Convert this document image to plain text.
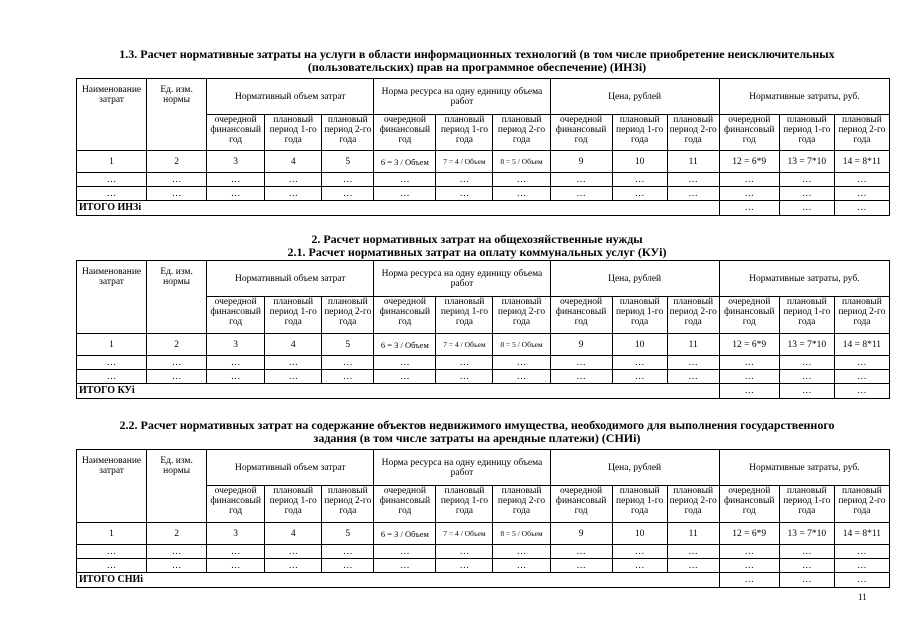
1.3. Расчет нормативные затраты на услуги в области информационных технологий (в том числе приобретение неисключительных
(пользовательских) прав на программное обеспечение) (ИНЗi)
Наименование затрат	Ед. изм. нормы	Нормативный объем затрат			Норма ресурса на одну единицу объема работ			Цена, рублей			Нормативные затраты, руб.		
		очередной финансовый год	плановый период 1-го года	плановый период 2-го года	очередной финансовый год	плановый период 1-го года	плановый период 2-го года	очередной финансовый год	плановый период 1-го года	плановый период 2-го года	очередной финансовый год	плановый период 1-го года	плановый период 2-го года
1	2	3	4	5	6 = 3 / Объем	7 = 4 / Объем	8 = 5 / Объем	9	10	11	12 = 6*9	13 = 7*10	14 = 8*11
…	…	…	…	…	…	…	…	…	…	…	…	…	…
…	…	…	…	…	…	…	…	…	…	…	…	…	…
ИТОГО ИНЗi											…	…	…
2. Расчет нормативных затрат на общехозяйственные нужды
2.1. Расчет нормативных затрат на оплату коммунальных услуг (КУi)
Наименование затрат	Ед. изм. нормы	Нормативный объем затрат			Норма ресурса на одну единицу объема работ			Цена, рублей			Нормативные затраты, руб.		
		очередной финансовый год	плановый период 1-го года	плановый период 2-го года	очередной финансовый год	плановый период 1-го года	плановый период 2-го года	очередной финансовый год	плановый период 1-го года	плановый период 2-го года	очередной финансовый год	плановый период 1-го года	плановый период 2-го года
1	2	3	4	5	6 = 3 / Объем	7 = 4 / Объем	8 = 5 / Объем	9	10	11	12 = 6*9	13 = 7*10	14 = 8*11
…	…	…	…	…	…	…	…	…	…	…	…	…	…
…	…	…	…	…	…	…	…	…	…	…	…	…	…
ИТОГО КУi											…	…	…
2.2. Расчет нормативных затрат на содержание объектов недвижимого имущества, необходимого для выполнения государственного
задания (в том числе затраты на арендные платежи) (СНИi)
Наименование затрат	Ед. изм. нормы	Нормативный объем затрат			Норма ресурса на одну единицу объема работ			Цена, рублей			Нормативные затраты, руб.		
		очередной финансовый год	плановый период 1-го года	плановый период 2-го года	очередной финансовый год	плановый период 1-го года	плановый период 2-го года	очередной финансовый год	плановый период 1-го года	плановый период 2-го года	очередной финансовый год	плановый период 1-го года	плановый период 2-го года
1	2	3	4	5	6 = 3 / Объем	7 = 4 / Объем	8 = 5 / Объем	9	10	11	12 = 6*9	13 = 7*10	14 = 8*11
…	…	…	…	…	…	…	…	…	…	…	…	…	…
…	…	…	…	…	…	…	…	…	…	…	…	…	…
ИТОГО СНИi											…	…	…
11
